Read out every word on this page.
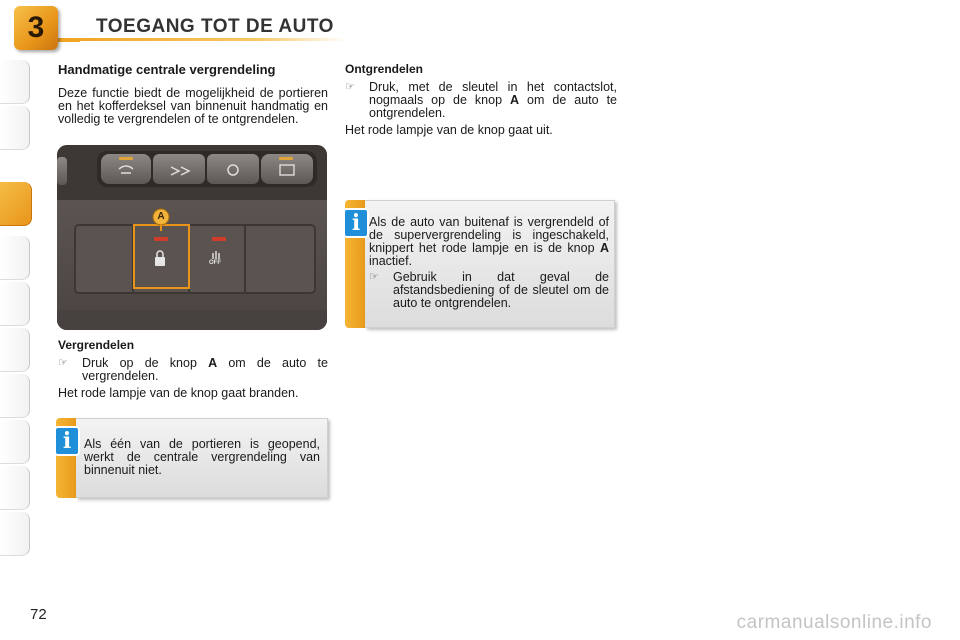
3	TOEGANG TOT DE AUTO
Handmatige centrale vergrendeling

Deze functie biedt de mogelijkheid de portieren en het kofferdeksel van binnenuit handmatig en volledig te vergrendelen of te ontgrendelen.

A
OFF
Vergrendelen
☞	Druk op de knop A om de auto te vergrendelen.

Het rode lampje van de knop gaat branden.

i	Als één van de portieren is geopend, werkt de centrale vergrendeling van binnenuit niet.

Ontgrendelen
☞	Druk, met de sleutel in het contactslot, nogmaals op de knop A om de auto te ontgrendelen.

Het rode lampje van de knop gaat uit.

i Als de auto van buitenaf is vergrendeld of de supervergrendeling is ingeschakeld, knippert het rode lampje en is de knop A inactief.

☞	Gebruik in dat geval de afstandsbediening of de sleutel om de auto te ontgrendelen.
72	carmanualsonline.info
